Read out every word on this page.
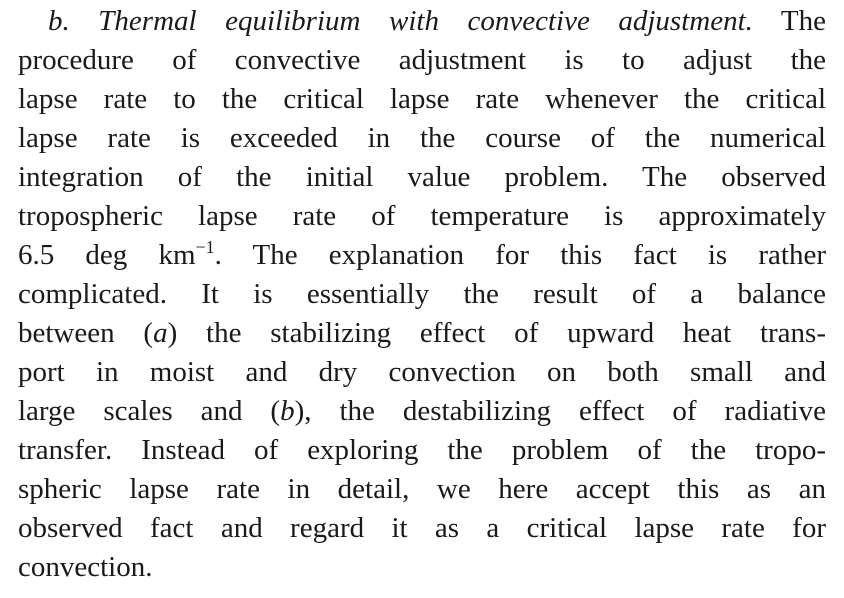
b. Thermal equilibrium with convective adjustment. The
procedure of convective adjustment is to adjust the
lapse rate to the critical lapse rate whenever the critical
lapse rate is exceeded in the course of the numerical
integration of the initial value problem. The observed
tropospheric lapse rate of temperature is approximately
6.5 deg $km^{-1}$. The explanation for this fact is rather
complicated. It is essentially the result of a balance
between (a) the stabilizing effect of upward heat trans-
port in moist and dry convection on both small and
large scales and (b), the destabilizing effect of radiative
transfer. Instead of exploring the problem of the tropo-
spheric lapse rate in detail, we here accept this as an
observed fact and regard it as a critical lapse rate for
convection.
